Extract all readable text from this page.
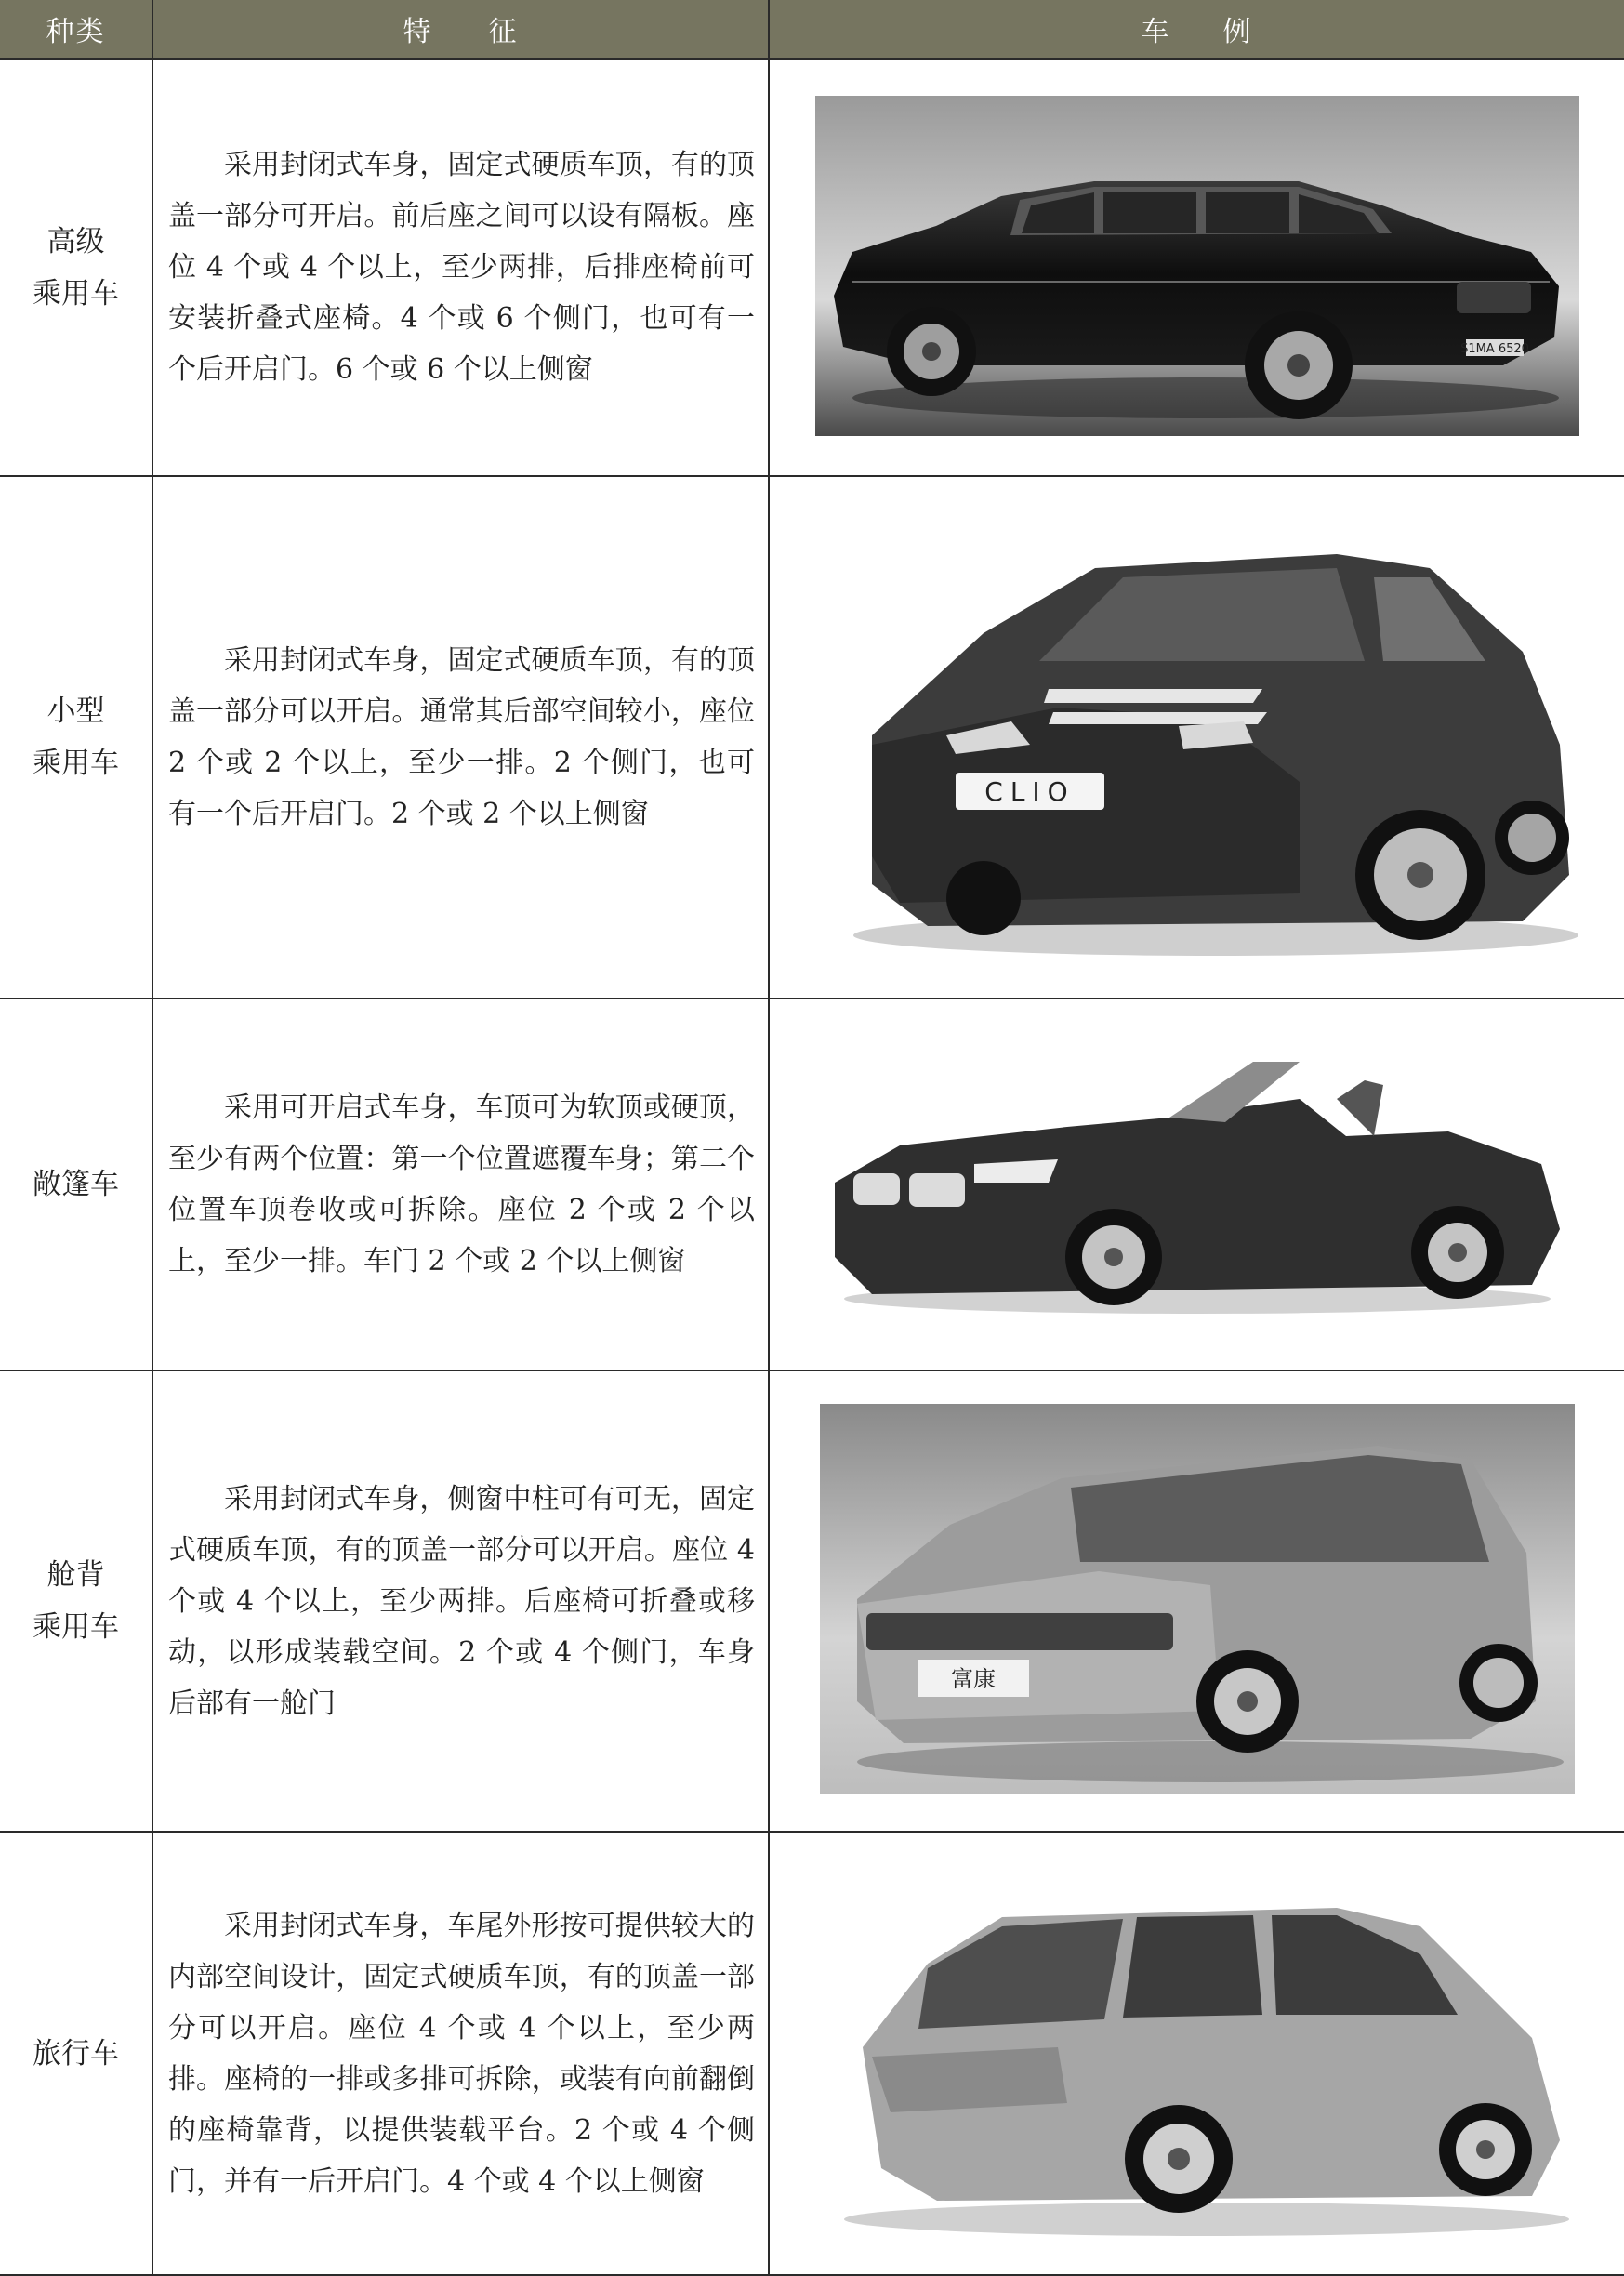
种类	特 征	车 例

高级
乘用车	采用封闭式车身，固定式硬质车顶，有的顶盖一部分可开启。前后座之间可以设有隔板。座位 4 个或 4 个以上，至少两排，后排座椅前可安装折叠式座椅。4 个或 6 个侧门，也可有一个后开启门。6 个或 6 个以上侧窗	S1MA 6520

小型
乘用车	采用封闭式车身，固定式硬质车顶，有的顶盖一部分可以开启。通常其后部空间较小，座位 2 个或 2 个以上，至少一排。2 个侧门，也可有一个后开启门。2 个或 2 个以上侧窗	CLIO

敞篷车	采用可开启式车身，车顶可为软顶或硬顶，至少有两个位置：第一个位置遮覆车身；第二个位置车顶卷收或可拆除。座位 2 个或 2 个以上，至少一排。车门 2 个或 2 个以上侧窗

舱背
乘用车	采用封闭式车身，侧窗中柱可有可无，固定式硬质车顶，有的顶盖一部分可以开启。座位 4 个或 4 个以上，至少两排。后座椅可折叠或移动，以形成装载空间。2 个或 4 个侧门，车身后部有一舱门	富康

旅行车	采用封闭式车身，车尾外形按可提供较大的内部空间设计，固定式硬质车顶，有的顶盖一部分可以开启。座位 4 个或 4 个以上，至少两排。座椅的一排或多排可拆除，或装有向前翻倒的座椅靠背，以提供装载平台。2 个或 4 个侧门，并有一后开启门。4 个或 4 个以上侧窗
